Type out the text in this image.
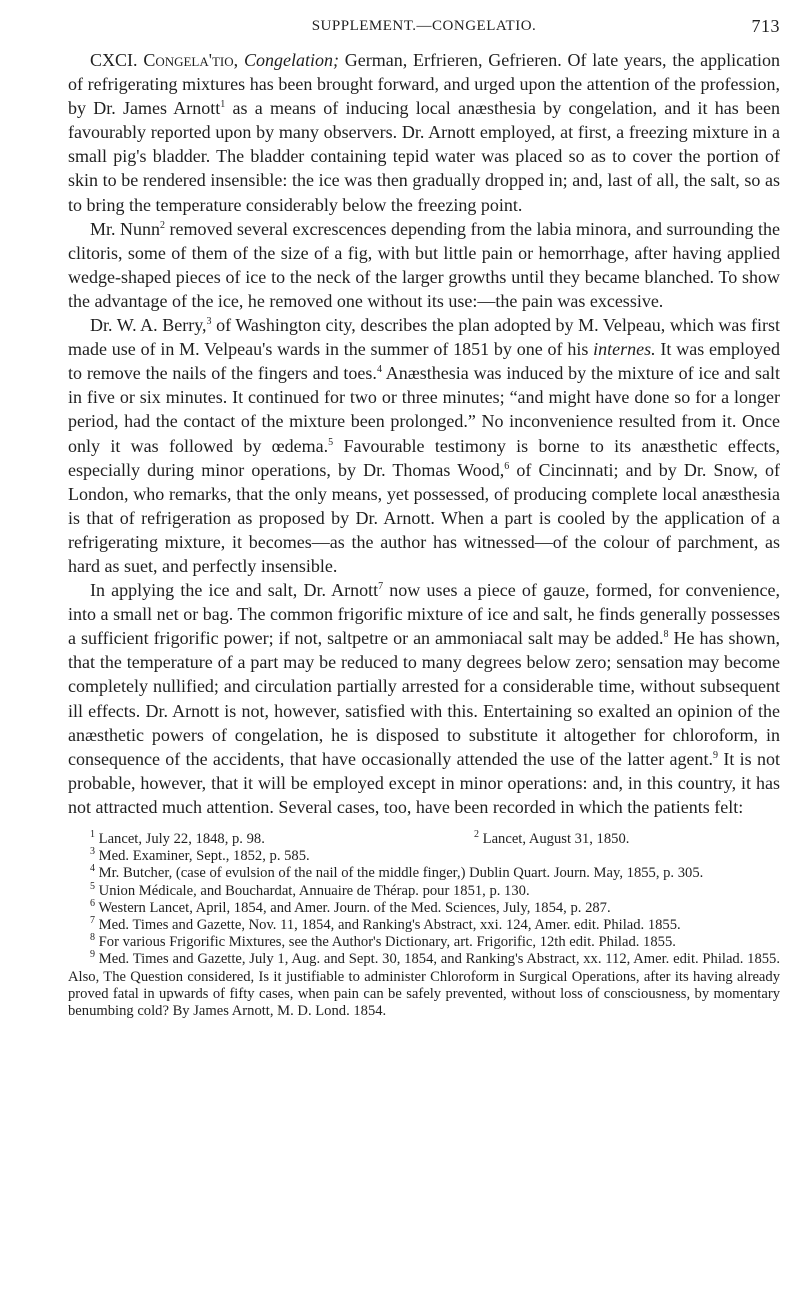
SUPPLEMENT.—CONGELATIO.	713

CXCI. Congela'tio, Congelation; German, Erfrieren, Gefrieren. Of late years, the application of refrigerating mixtures has been brought forward, and urged upon the attention of the profession, by Dr. James Arnott$^1$ as a means of inducing local anæsthesia by congelation, and it has been favourably reported upon by many observers. Dr. Arnott employed, at first, a freezing mixture in a small pig's bladder. The bladder containing tepid water was placed so as to cover the portion of skin to be rendered insensible: the ice was then gradually dropped in; and, last of all, the salt, so as to bring the temperature considerably below the freezing point.

Mr. Nunn$^2$ removed several excrescences depending from the labia minora, and surrounding the clitoris, some of them of the size of a fig, with but little pain or hemorrhage, after having applied wedge-shaped pieces of ice to the neck of the larger growths until they became blanched. To show the advantage of the ice, he removed one without its use:—the pain was excessive.

Dr. W. A. Berry,$^3$ of Washington city, describes the plan adopted by M. Velpeau, which was first made use of in M. Velpeau's wards in the summer of 1851 by one of his internes. It was employed to remove the nails of the fingers and toes.$^4$ Anæsthesia was induced by the mixture of ice and salt in five or six minutes. It continued for two or three minutes; “and might have done so for a longer period, had the contact of the mixture been prolonged.” No inconvenience resulted from it. Once only it was followed by œdema.$^5$ Favourable testimony is borne to its anæsthetic effects, especially during minor operations, by Dr. Thomas Wood,$^6$ of Cincinnati; and by Dr. Snow, of London, who remarks, that the only means, yet possessed, of producing complete local anæsthesia is that of refrigeration as proposed by Dr. Arnott. When a part is cooled by the application of a refrigerating mixture, it becomes—as the author has witnessed—of the colour of parchment, as hard as suet, and perfectly insensible.

In applying the ice and salt, Dr. Arnott$^7$ now uses a piece of gauze, formed, for convenience, into a small net or bag. The common frigorific mixture of ice and salt, he finds generally possesses a sufficient frigorific power; if not, saltpetre or an ammoniacal salt may be added.$^8$ He has shown, that the temperature of a part may be reduced to many degrees below zero; sensation may become completely nullified; and circulation partially arrested for a considerable time, without subsequent ill effects. Dr. Arnott is not, however, satisfied with this. Entertaining so exalted an opinion of the anæsthetic powers of congelation, he is disposed to substitute it altogether for chloroform, in consequence of the accidents, that have occasionally attended the use of the latter agent.$^9$ It is not probable, however, that it will be employed except in minor operations: and, in this country, it has not attracted much attention. Several cases, too, have been recorded in which the patients felt:

$^1$ Lancet, July 22, 1848, p. 98.	$^2$ Lancet, August 31, 1850.

$^3$ Med. Examiner, Sept., 1852, p. 585.

$^4$ Mr. Butcher, (case of evulsion of the nail of the middle finger,) Dublin Quart. Journ. May, 1855, p. 305.

$^5$ Union Médicale, and Bouchardat, Annuaire de Thérap. pour 1851, p. 130.

$^6$ Western Lancet, April, 1854, and Amer. Journ. of the Med. Sciences, July, 1854, p. 287.

$^7$ Med. Times and Gazette, Nov. 11, 1854, and Ranking's Abstract, xxi. 124, Amer. edit. Philad. 1855.

$^8$ For various Frigorific Mixtures, see the Author's Dictionary, art. Frigorific, 12th edit. Philad. 1855.

$^9$ Med. Times and Gazette, July 1, Aug. and Sept. 30, 1854, and Ranking's Abstract, xx. 112, Amer. edit. Philad. 1855. Also, The Question considered, Is it justifiable to administer Chloroform in Surgical Operations, after its having already proved fatal in upwards of fifty cases, when pain can be safely prevented, without loss of consciousness, by momentary benumbing cold? By James Arnott, M. D. Lond. 1854.
